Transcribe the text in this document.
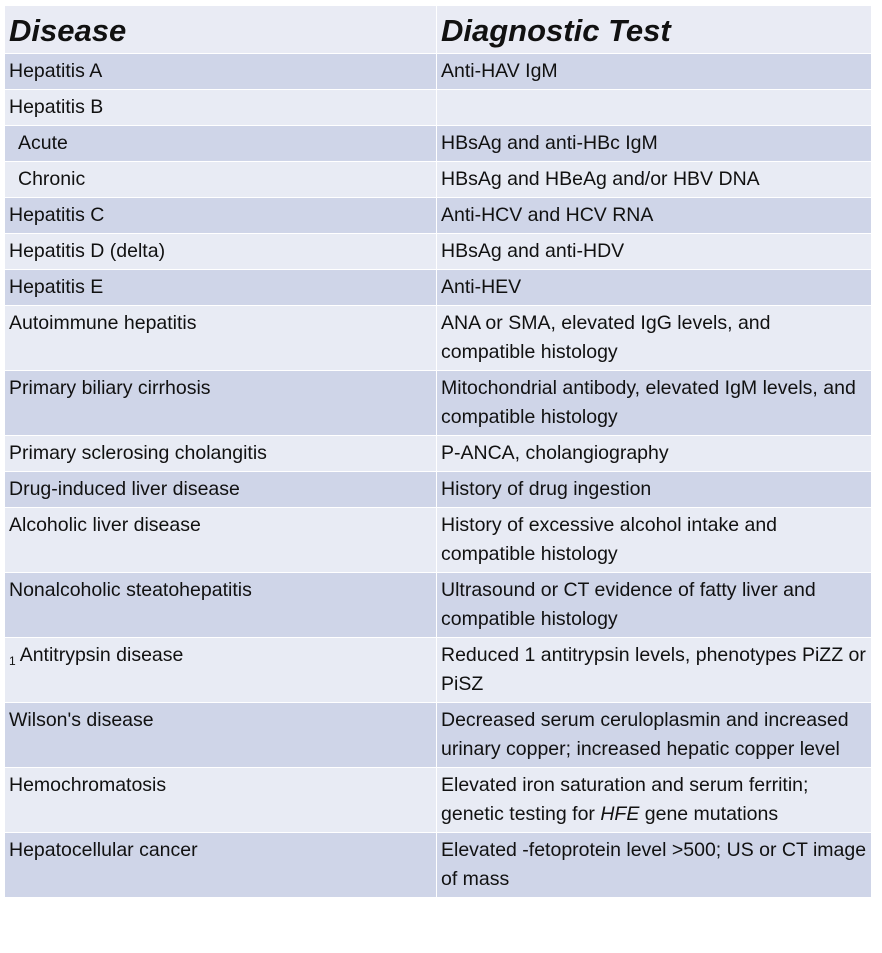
Disease	Diagnostic Test
Hepatitis A	Anti-HAV IgM
Hepatitis B	
Acute	HBsAg and anti-HBc IgM
Chronic	HBsAg and HBeAg and/or HBV DNA
Hepatitis C	Anti-HCV and HCV RNA
Hepatitis D (delta)	HBsAg and anti-HDV
Hepatitis E	Anti-HEV
Autoimmune hepatitis	ANA or SMA, elevated IgG levels, and compatible histology
Primary biliary cirrhosis	Mitochondrial antibody, elevated IgM levels, and compatible histology
Primary sclerosing cholangitis	P-ANCA, cholangiography
Drug-induced liver disease	History of drug ingestion
Alcoholic liver disease	History of excessive alcohol intake and compatible histology
Nonalcoholic steatohepatitis	Ultrasound or CT evidence of fatty liver and compatible histology
$_1$ Antitrypsin disease	Reduced 1 antitrypsin levels, phenotypes PiZZ or PiSZ
Wilson's disease	Decreased serum ceruloplasmin and increased urinary copper; increased hepatic copper level
Hemochromatosis	Elevated iron saturation and serum ferritin; genetic testing for HFE gene mutations
Hepatocellular cancer	Elevated -fetoprotein level >500; US or CT image of mass
